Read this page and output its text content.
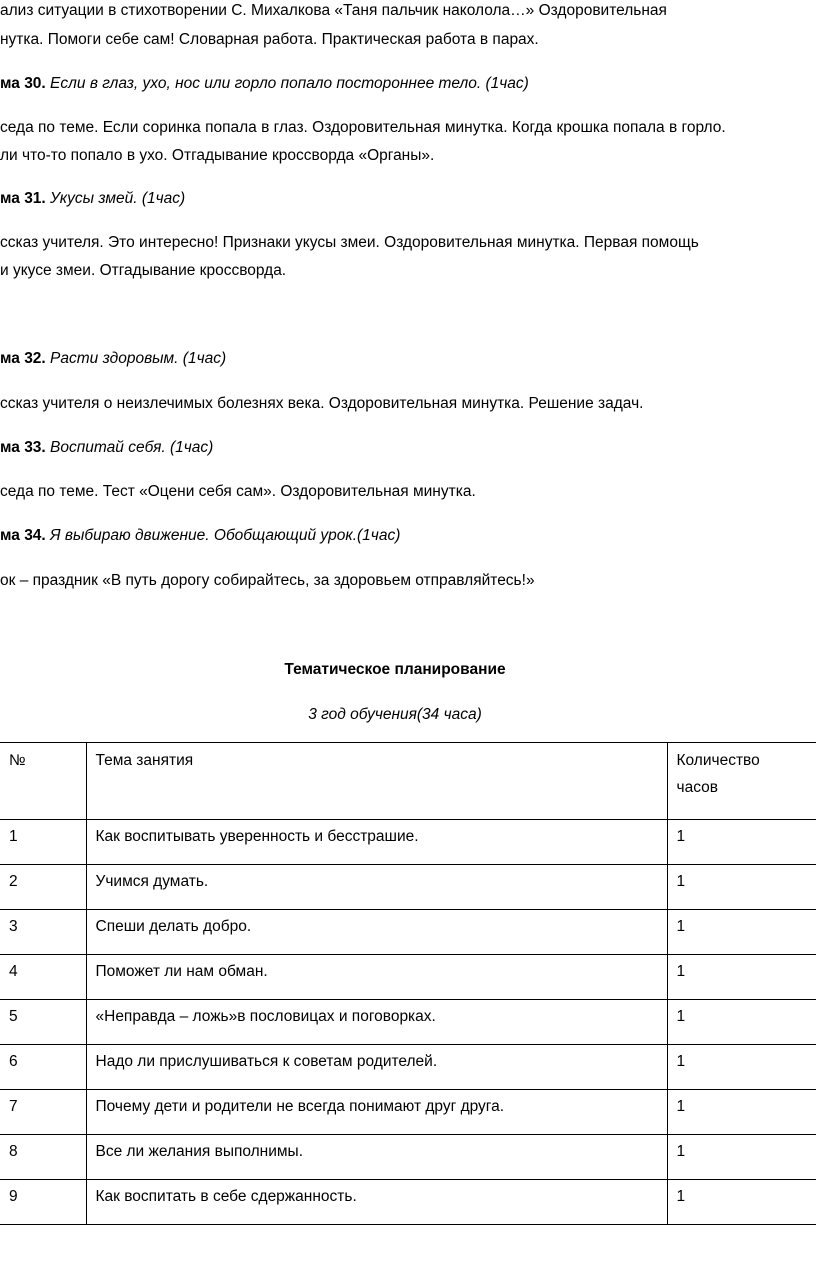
ализ ситуации в стихотворении С. Михалкова «Таня пальчик наколола…» Оздоровительная
нутка. Помоги себе сам! Словарная работа. Практическая работа в парах.
ма 30. Если в глаз, ухо, нос или горло попало постороннее тело. (1час)
седа по теме. Если соринка попала в глаз. Оздоровительная минутка. Когда крошка попала в горло.
ли что-то попало в ухо. Отгадывание кроссворда «Органы».
ма 31. Укусы змей. (1час)
ссказ учителя. Это интересно! Признаки укусы змеи. Оздоровительная минутка. Первая помощь
и укусе змеи. Отгадывание кроссворда.
ма 32. Расти здоровым. (1час)
ссказ учителя о неизлечимых болезнях века. Оздоровительная минутка. Решение задач.
ма 33. Воспитай себя. (1час)
седа по теме. Тест «Оцени себя сам». Оздоровительная минутка.
ма 34. Я выбираю движение. Обобщающий урок.(1час)
ок – праздник «В путь дорогу собирайтесь, за здоровьем отправляйтесь!»
Тематическое планирование
3 год обучения(34 часа)
№	Тема занятия	Количество
часов

1	Как воспитывать уверенность и бесстрашие.	1

2	Учимся думать.	1

3	Спеши делать добро.	1

4	Поможет ли нам обман.	1

5	«Неправда – ложь»в пословицах и поговорках.	1

6	Надо ли прислушиваться к советам родителей.	1

7	Почему дети и родители не всегда понимают друг друга.	1

8	Все ли желания выполнимы.	1

9	Как воспитать в себе сдержанность.	1
